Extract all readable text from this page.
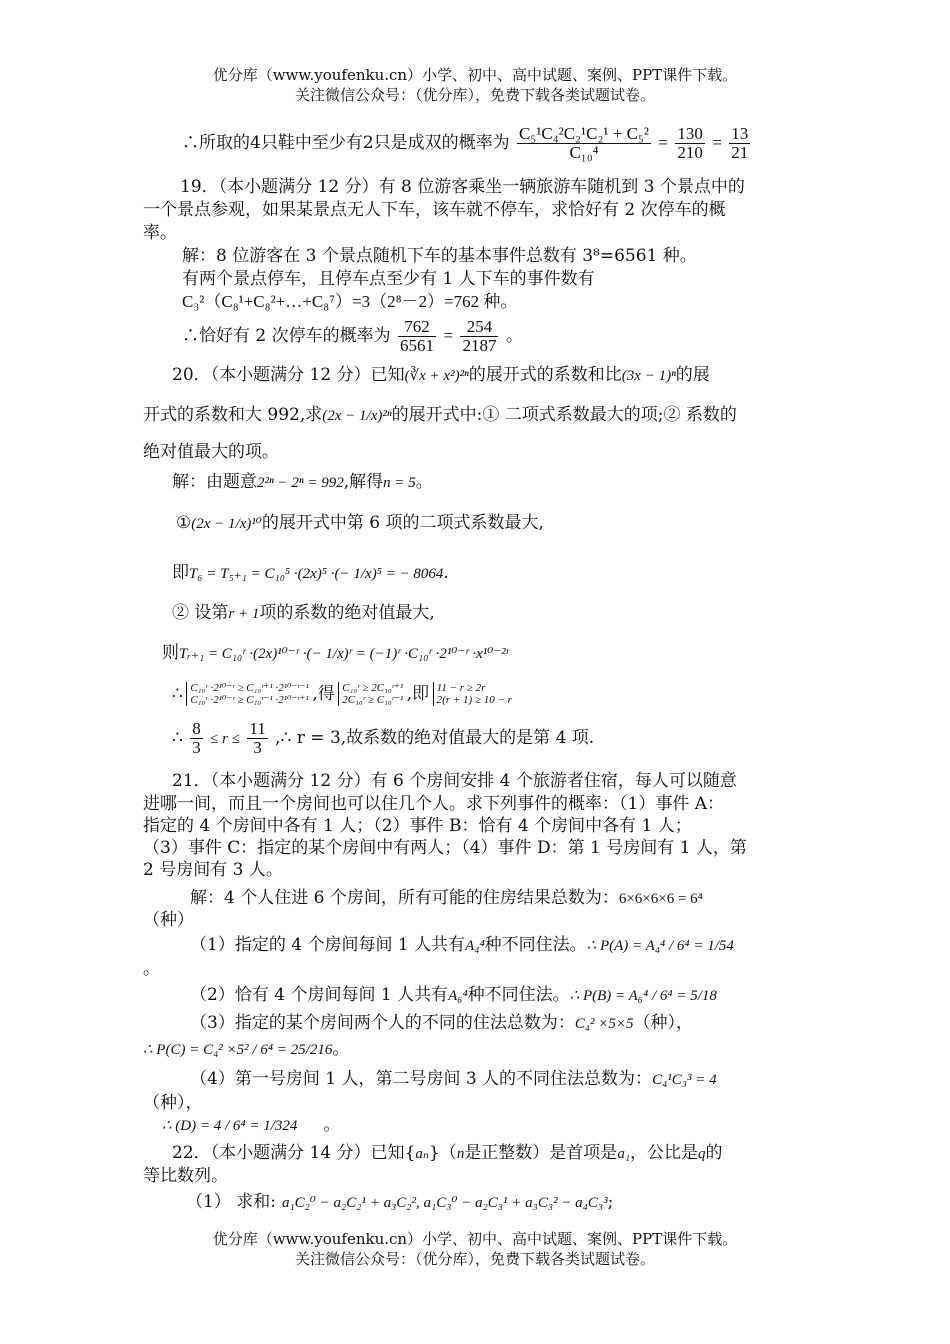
优分库（www.youfenku.cn）小学、初中、高中试题、案例、PPT课件下载。
关注微信公众号：（优分库），免费下载各类试题试卷。
∴所取的4只鞋中至少有2只是成双的概率为 $\frac{\text{C₅¹C₄²C₂¹C₂¹ + C₅²}}{\text{C₁₀⁴}} = \frac{130}{210} = \frac{13}{21}$
19．（本小题满分 12 分）有 8 位游客乘坐一辆旅游车随机到 3 个景点中的
一个景点参观，如果某景点无人下车，该车就不停车，求恰好有 2 次停车的概
率。
解：8 位游客在 3 个景点随机下车的基本事件总数有 3⁸=6561 种。
有两个景点停车，且停车点至少有 1 人下车的事件数有
C₃²（C₈¹+C₈²+…+C₈⁷）=3（2⁸－2）=762 种。
∴恰好有 2 次停车的概率为 $\frac{762}{6561} = \frac{254}{2187}$ 。
20．（本小题满分 12 分）已知(∛x + x²)²ⁿ的展开式的系数和比(3x − 1)ⁿ的展
开式的系数和大 992,求(2x − 1/x)²ⁿ的展开式中:① 二项式系数最大的项;② 系数的
绝对值最大的项。
解：由题意2²ⁿ − 2ⁿ = 992,解得n = 5。
①(2x − 1/x)¹⁰的展开式中第 6 项的二项式系数最大,
即T₆ = T₅₊₁ = C₁₀⁵ ·(2x)⁵ ·(− 1/x)⁵ = − 8064.
② 设第r + 1项的系数的绝对值最大,
则Tᵣ₊₁ = C₁₀ʳ ·(2x)¹⁰⁻ʳ ·(− 1/x)ʳ = (−1)ʳ ·C₁₀ʳ ·2¹⁰⁻ʳ ·x¹⁰⁻²ʳ
∴ C₁₀ʳ ·2¹⁰⁻ʳ ≥ C₁₀ʳ⁺¹ ·2¹⁰⁻ʳ⁻¹
C₁₀ʳ ·2¹⁰⁻ʳ ≥ C₁₀ʳ⁻¹ ·2¹⁰⁻ʳ⁺¹ ,得 C₁₀ʳ ≥ 2C₁₀ʳ⁺¹
2C₁₀ʳ ≥ C₁₀ʳ⁻¹ ,即 11 − r ≥ 2r
2(r + 1) ≥ 10 − r
∴ $\frac{8}{3} \le r \le \frac{11}{3}$ ,∴ r = 3,故系数的绝对值最大的是第 4 项.
21．（本小题满分 12 分）有 6 个房间安排 4 个旅游者住宿，每人可以随意
进哪一间，而且一个房间也可以住几个人。求下列事件的概率：（1）事件 A：
指定的 4 个房间中各有 1 人；（2）事件 B：恰有 4 个房间中各有 1 人；
（3）事件 C：指定的某个房间中有两人；（4）事件 D：第 1 号房间有 1 人，第
2 号房间有 3 人。
解：4 个人住进 6 个房间，所有可能的住房结果总数为：6×6×6×6 = 6⁴
（种）
（1）指定的 4 个房间每间 1 人共有A₄⁴种不同住法。∴ P(A) = A₄⁴ / 6⁴ = 1/54
。
（2）恰有 4 个房间每间 1 人共有A₆⁴种不同住法。∴ P(B) = A₆⁴ / 6⁴ = 5/18
（3）指定的某个房间两个人的不同的住法总数为：C₄² ×5×5（种），
∴ P(C) = C₄² ×5² / 6⁴ = 25/216。
（4）第一号房间 1 人，第二号房间 3 人的不同住法总数为：C₄¹C₃³ = 4
（种），
∴ (D) = 4 / 6⁴ = 1/324 。
22．（本小题满分 14 分）已知{aₙ}（n是正整数）是首项是a₁，公比是q的
等比数列。
（1） 求和: a₁C₂⁰ − a₂C₂¹ + a₃C₂², a₁C₃⁰ − a₂C₃¹ + a₃C₃² − a₄C₃³;
优分库（www.youfenku.cn）小学、初中、高中试题、案例、PPT课件下载。
关注微信公众号：（优分库），免费下载各类试题试卷。
